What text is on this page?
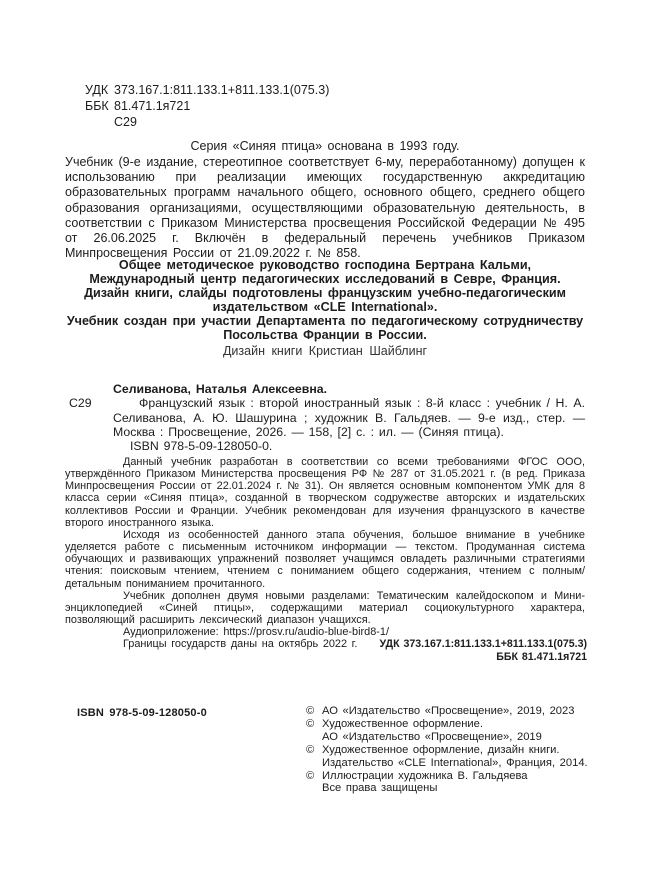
УДК 373.167.1:811.133.1+811.133.1(075.3)
ББК 81.471.1я721
С29
Серия «Синяя птица» основана в 1993 году.

Учебник (9-е издание, стереотипное соответствует 6-му, переработанному) допущен к использованию при реализации имеющих государственную аккредитацию образовательных программ начального общего, основного общего, среднего общего образования организациями, осуществляющими образовательную деятельность, в соответствии с Приказом Министерства просвещения Российской Федерации № 495 от 26.06.2025 г. Включён в федеральный перечень учебников Приказом Минпросвещения России от 21.09.2022 г. № 858.

Общее методическое руководство господина Бертрана Кальми,
Международный центр педагогических исследований в Севре, Франция.
Дизайн книги, слайды подготовлены французским учебно-педагогическим
издательством «CLE International».
Учебник создан при участии Департамента по педагогическому сотрудничеству
Посольства Франции в России.
Дизайн книги Кристиан Шайблинг
Селиванова, Наталья Алексеевна.
С29	Французский язык : второй иностранный язык : 8-й класс : учебник / Н. А. Селиванова, А. Ю. Шашурина ; художник В. Гальдяев. — 9-е изд., стер. — Москва : Просвещение, 2026. — 158, [2] с. : ил. — (Синяя птица).
ISBN 978-5-09-128050-0.

Данный учебник разработан в соответствии со всеми требованиями ФГОС ООО, утверждённого Приказом Министерства просвещения РФ № 287 от 31.05.2021 г. (в ред. Приказа Минпросвещения России от 22.01.2024 г. № 31). Он является основным компонентом УМК для 8 класса серии «Синяя птица», созданной в творческом содружестве авторских и издательских коллективов России и Франции. Учебник рекомендован для изучения французского в качестве второго иностранного языка.

Исходя из особенностей данного этапа обучения, большое внимание в учебнике уделяется работе с письменным источником информации — текстом. Продуманная система обучающих и развивающих упражнений позволяет учащимся овладеть различными стратегиями чтения: поисковым чтением, чтением с пониманием общего содержания, чтением с полным/детальным пониманием прочитанного.

Учебник дополнен двумя новыми разделами: Тематическим калейдоскопом и Мини-энциклопедией «Синей птицы», содержащими материал социокультурного характера, позволяющий расширить лексический диапазон учащихся.

Аудиоприложение: https://prosv.ru/audio-blue-bird8-1/

Границы государств даны на октябрь 2022 г.	УДК 373.167.1:811.133.1+811.133.1(075.3)
ББК 81.471.1я721
ISBN 978-5-09-128050-0	© АО «Издательство «Просвещение», 2019, 2023
© Художественное оформление.
АО «Издательство «Просвещение», 2019
© Художественное оформление, дизайн книги.
Издательство «CLE International», Франция, 2014.
© Иллюстрации художника В. Гальдяева
Все права защищены
